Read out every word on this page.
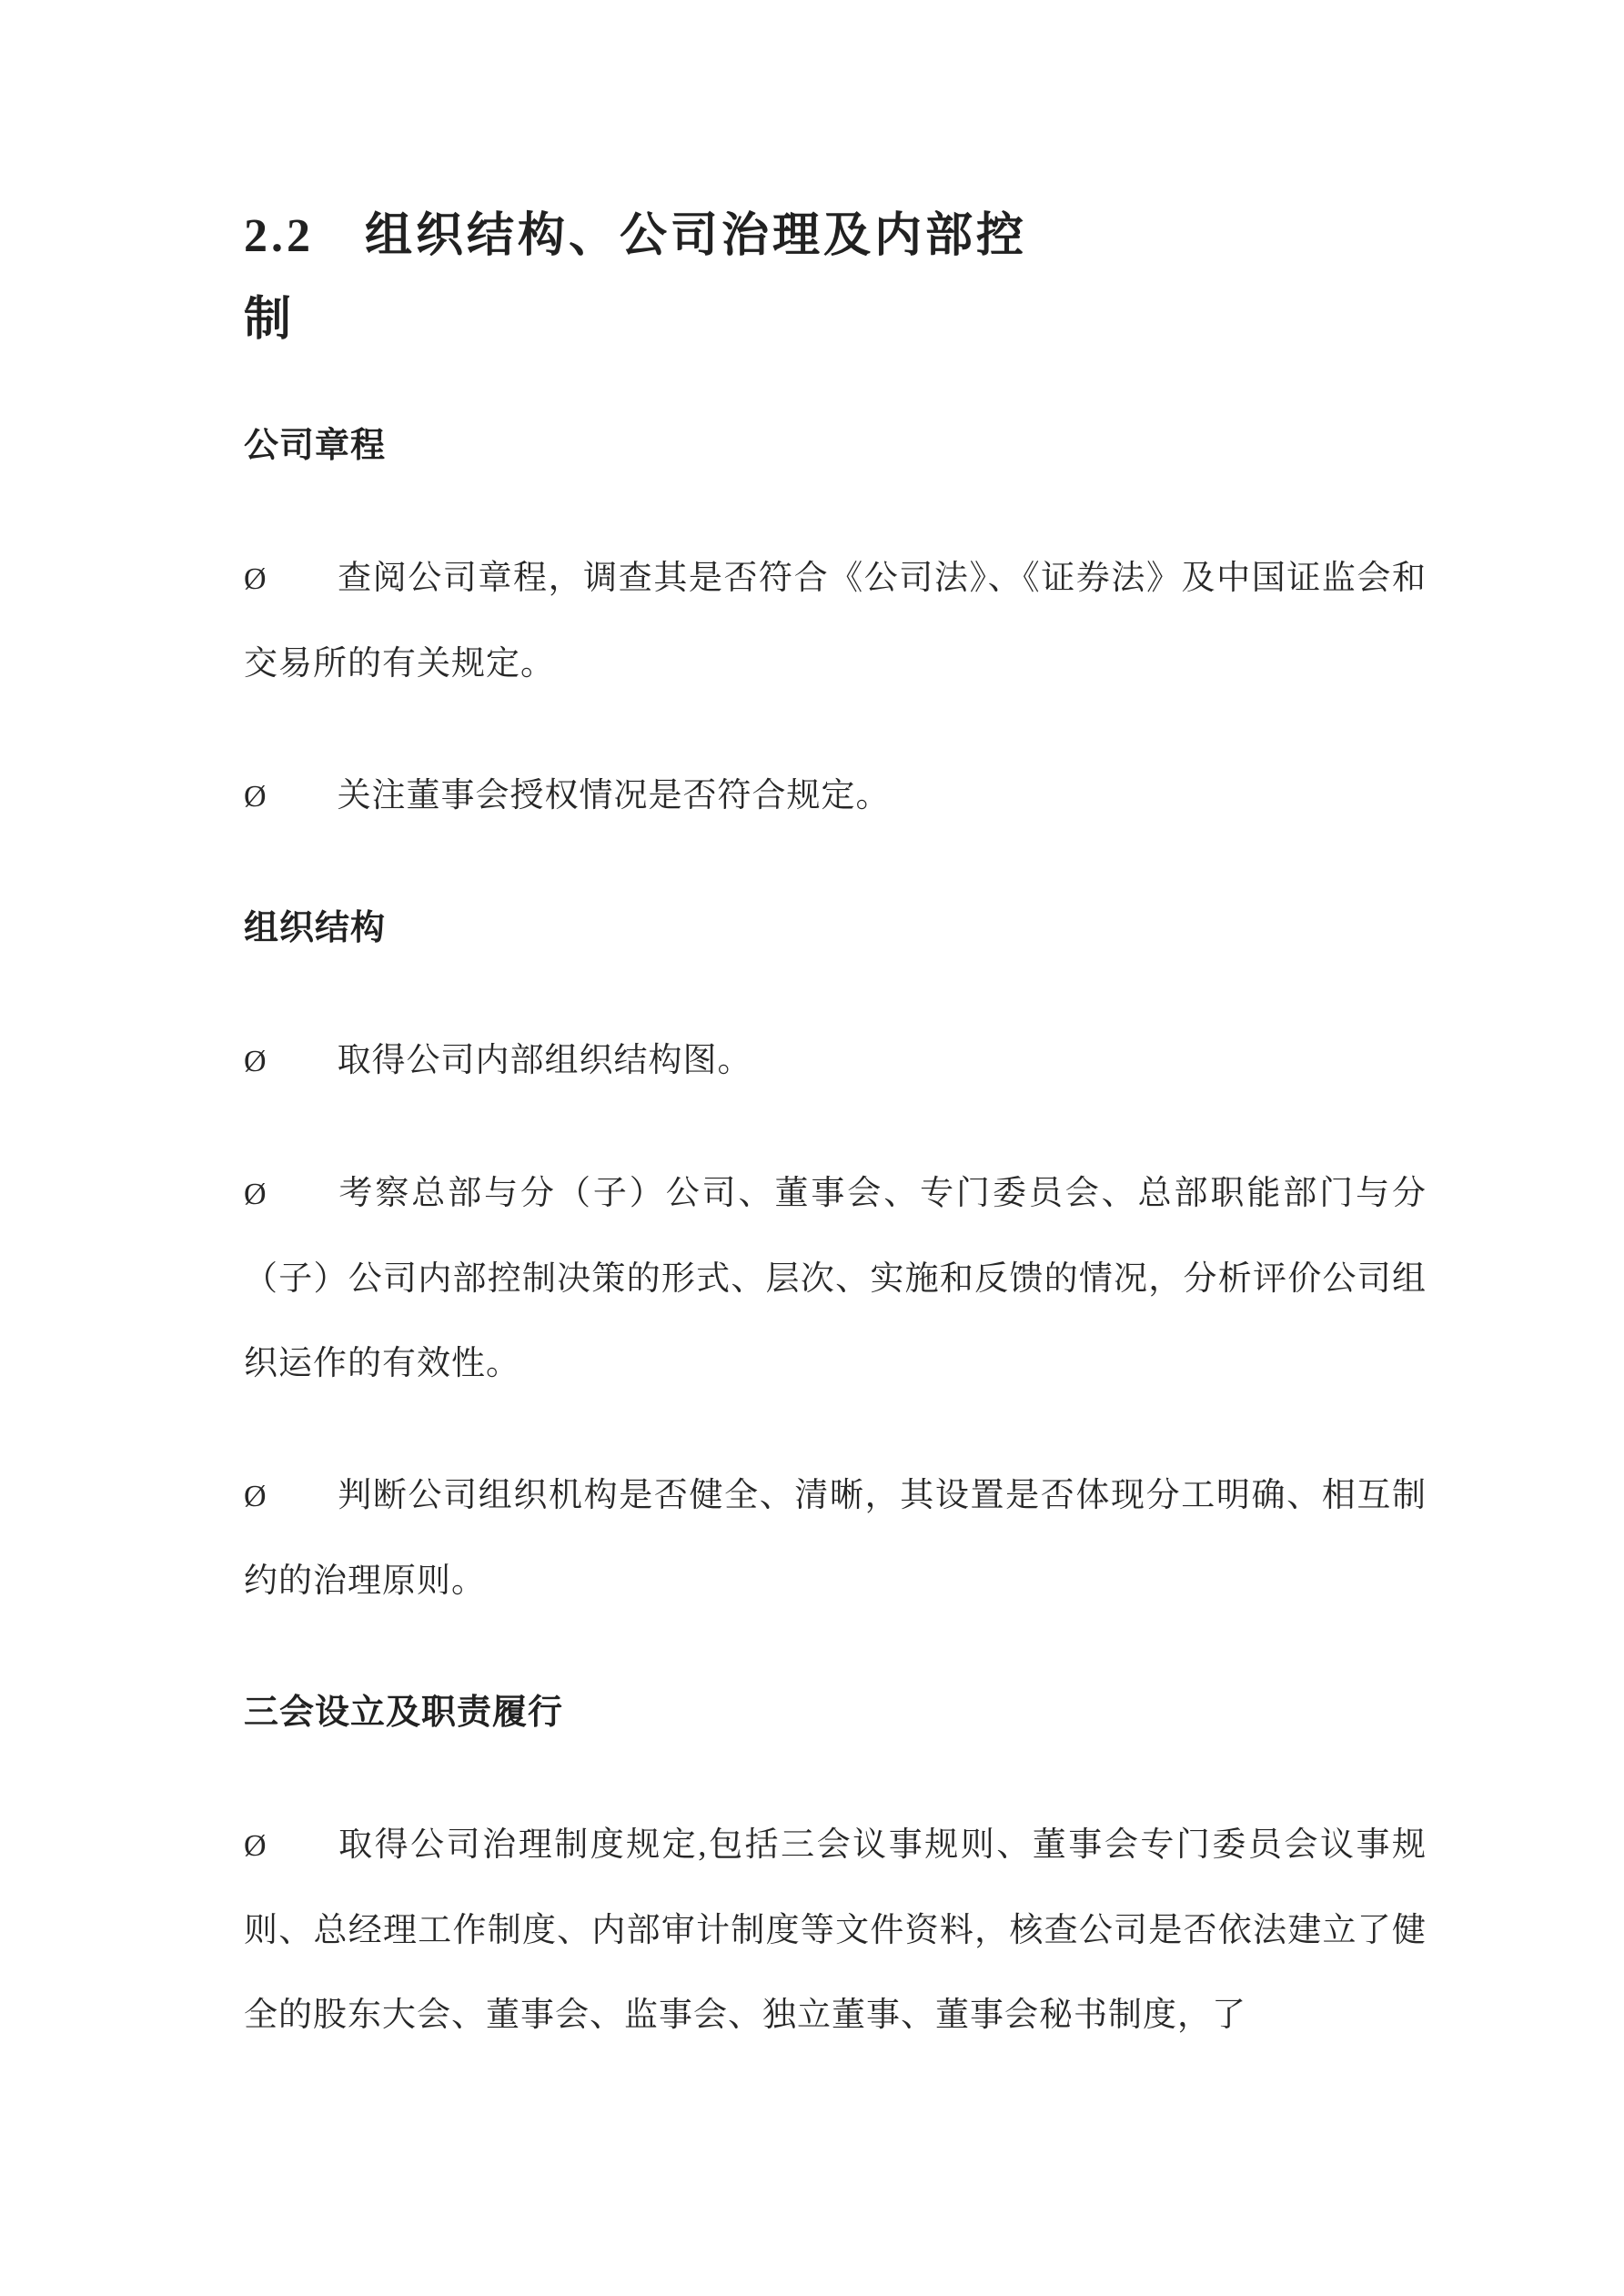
2.2　组织结构、公司治理及内部控制
公司章程

Ø 查阅公司章程，调查其是否符合《公司法》、《证券法》及中国证监会和交易所的有关规定。

Ø 关注董事会授权情况是否符合规定。

组织结构

Ø 取得公司内部组织结构图。

Ø 考察总部与分（子）公司、董事会、专门委员会、总部职能部门与分（子）公司内部控制决策的形式、层次、实施和反馈的情况，分析评价公司组织运作的有效性。

Ø 判断公司组织机构是否健全、清晰，其设置是否体现分工明确、相互制约的治理原则。

三会设立及职责履行

Ø 取得公司治理制度规定,包括三会议事规则、董事会专门委员会议事规则、总经理工作制度、内部审计制度等文件资料，核查公司是否依法建立了健全的股东大会、董事会、监事会、独立董事、董事会秘书制度，了
